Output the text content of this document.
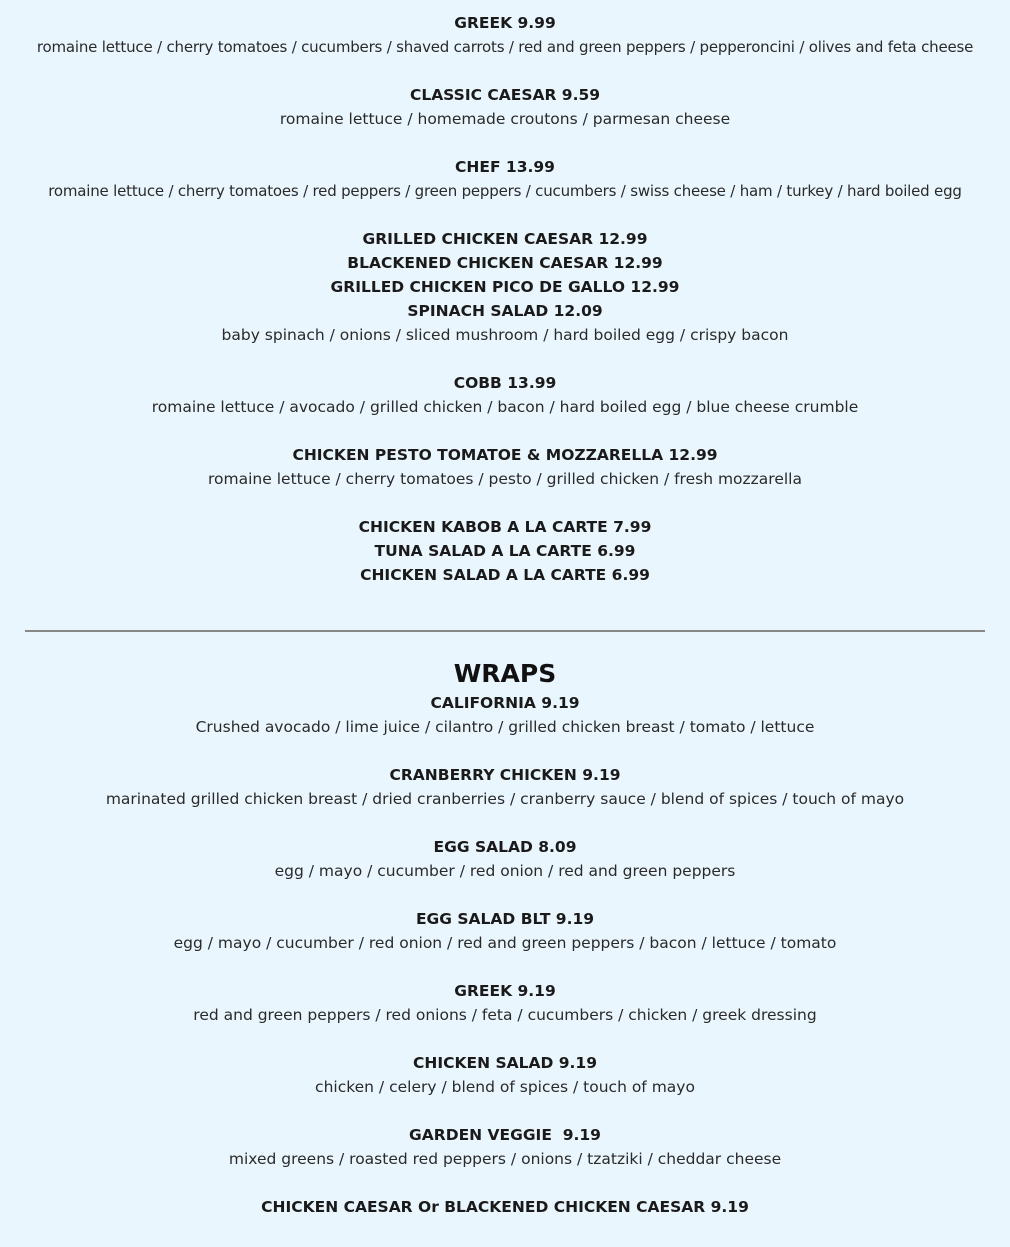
GREEK 9.99
romaine lettuce / cherry tomatoes / cucumbers / shaved carrots / red and green peppers / pepperoncini / olives and feta cheese
CLASSIC CAESAR 9.59
romaine lettuce / homemade croutons / parmesan cheese
CHEF 13.99
romaine lettuce / cherry tomatoes / red peppers / green peppers / cucumbers / swiss cheese / ham / turkey / hard boiled egg
GRILLED CHICKEN CAESAR 12.99
BLACKENED CHICKEN CAESAR 12.99
GRILLED CHICKEN PICO DE GALLO 12.99
SPINACH SALAD 12.09
baby spinach / onions / sliced mushroom / hard boiled egg / crispy bacon
COBB 13.99
romaine lettuce / avocado / grilled chicken / bacon / hard boiled egg / blue cheese crumble
CHICKEN PESTO TOMATOE & MOZZARELLA 12.99
romaine lettuce / cherry tomatoes / pesto / grilled chicken / fresh mozzarella
CHICKEN KABOB A LA CARTE 7.99
TUNA SALAD A LA CARTE 6.99
CHICKEN SALAD A LA CARTE 6.99
WRAPS
CALIFORNIA 9.19
Crushed avocado / lime juice / cilantro / grilled chicken breast / tomato / lettuce
CRANBERRY CHICKEN 9.19
marinated grilled chicken breast / dried cranberries / cranberry sauce / blend of spices / touch of mayo
EGG SALAD 8.09
egg / mayo / cucumber / red onion / red and green peppers
EGG SALAD BLT 9.19
egg / mayo / cucumber / red onion / red and green peppers / bacon / lettuce / tomato
GREEK 9.19
red and green peppers / red onions / feta / cucumbers / chicken / greek dressing
CHICKEN SALAD 9.19
chicken / celery / blend of spices / touch of mayo
GARDEN VEGGIE  9.19
mixed greens / roasted red peppers / onions / tzatziki / cheddar cheese
CHICKEN CAESAR Or BLACKENED CHICKEN CAESAR 9.19
